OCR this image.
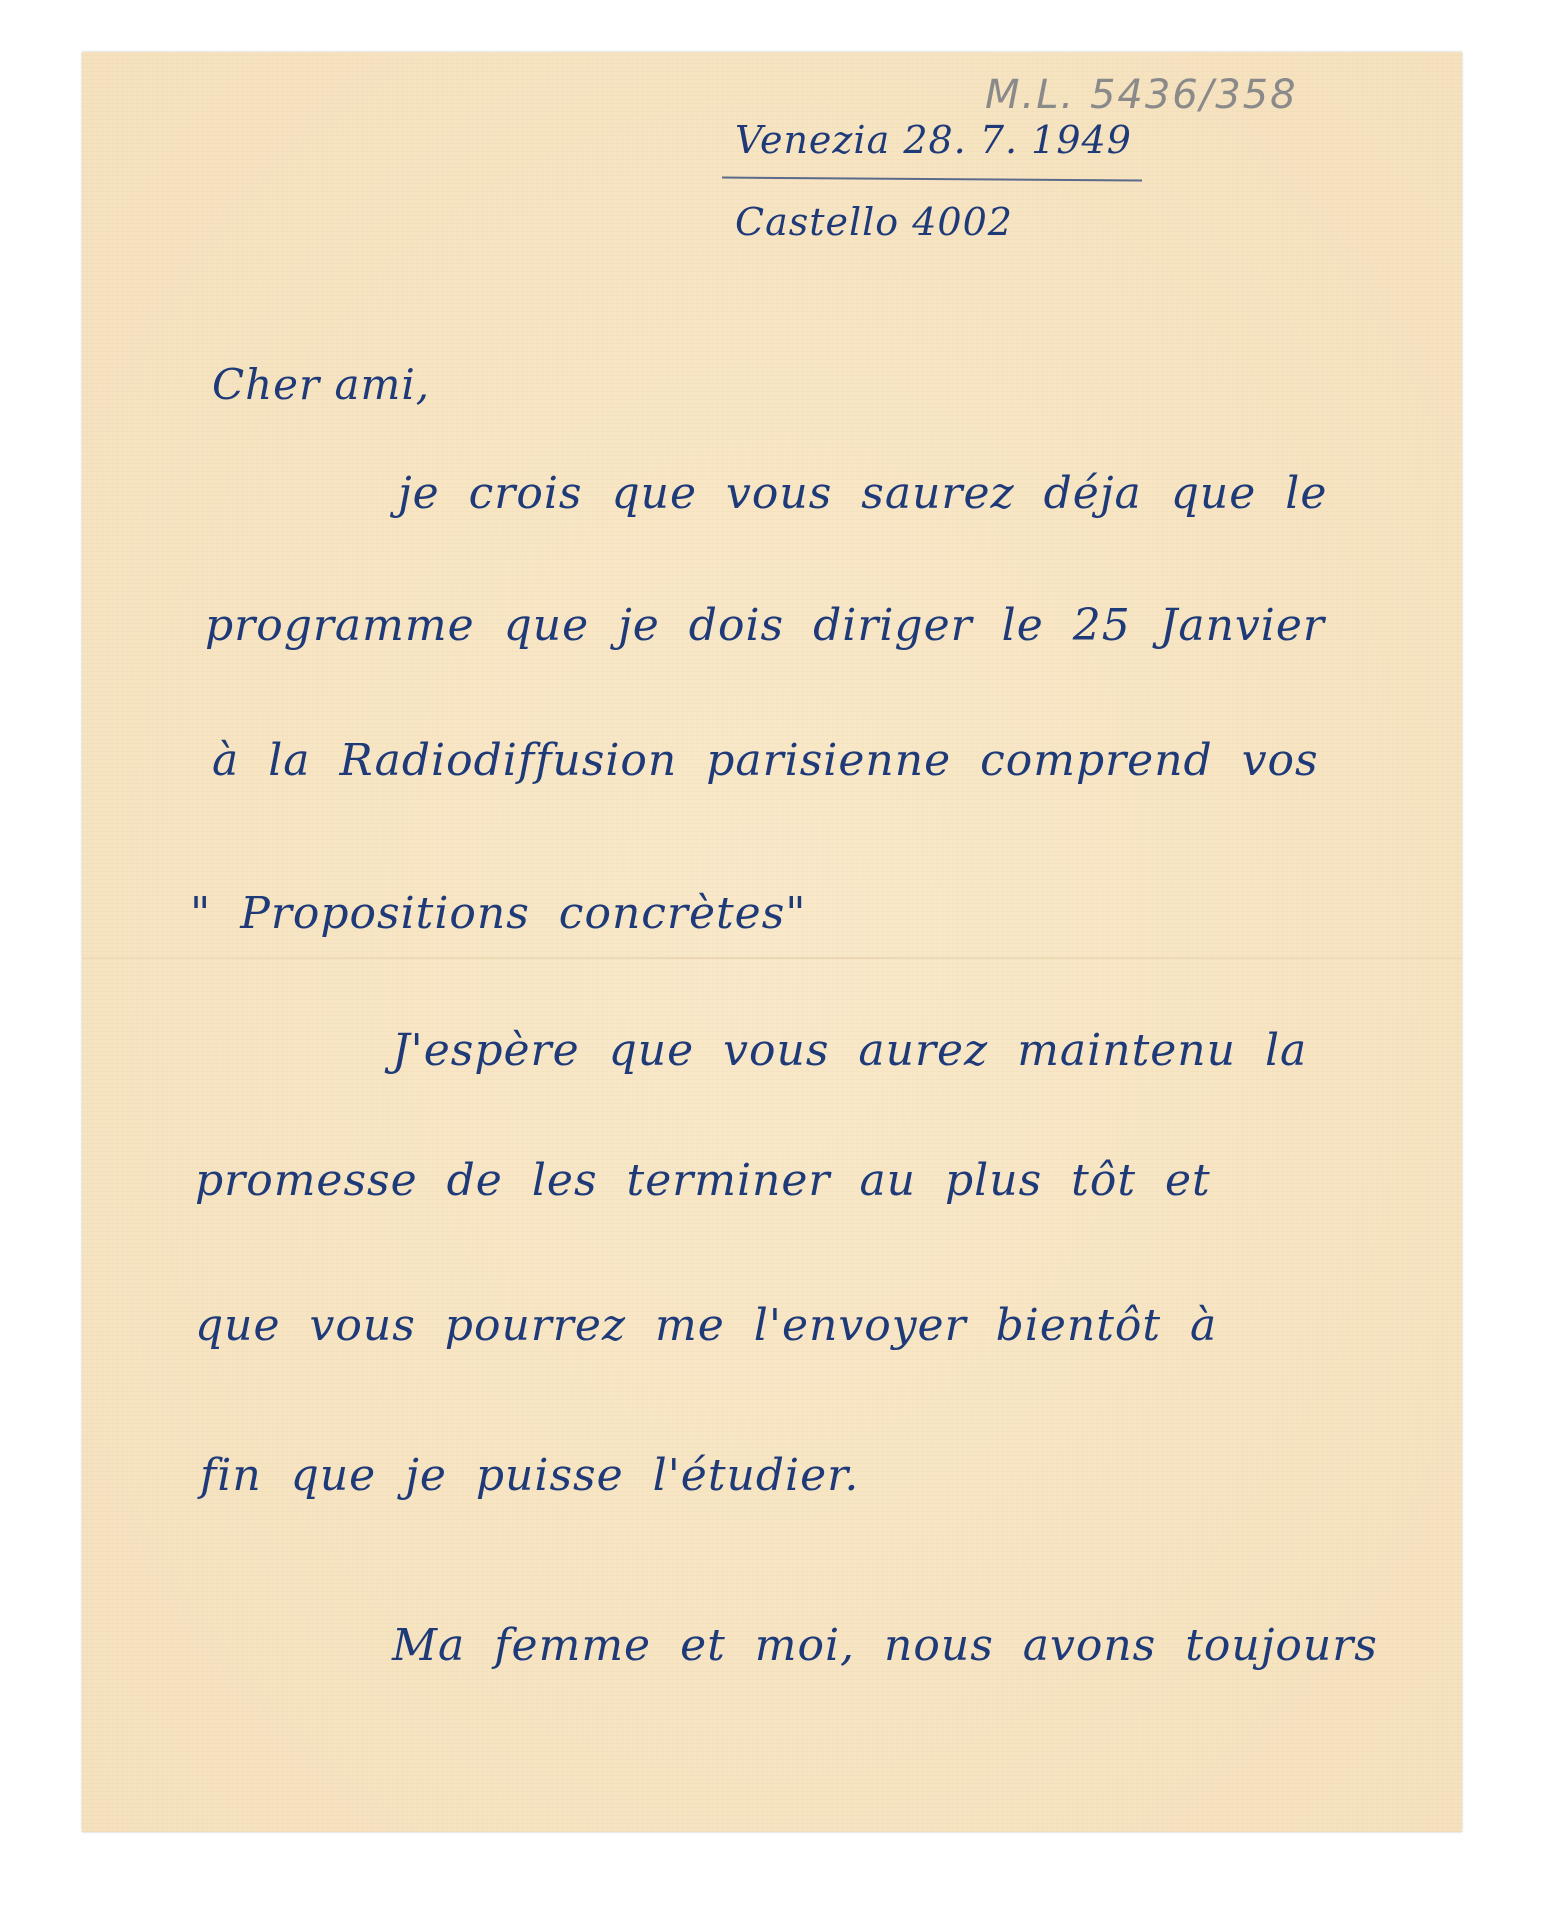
M.L. 5436/358
Venezia 28. 7. 1949
Castello 4002
Cher ami,
je crois que vous saurez déja que le
programme que je dois diriger le 25 Janvier
à la Radiodiffusion parisienne comprend vos
" Propositions concrètes"
J'espère que vous aurez maintenu la
promesse de les terminer au plus tôt et
que vous pourrez me l'envoyer bientôt à
fin que je puisse l'étudier.
Ma femme et moi, nous avons toujours
